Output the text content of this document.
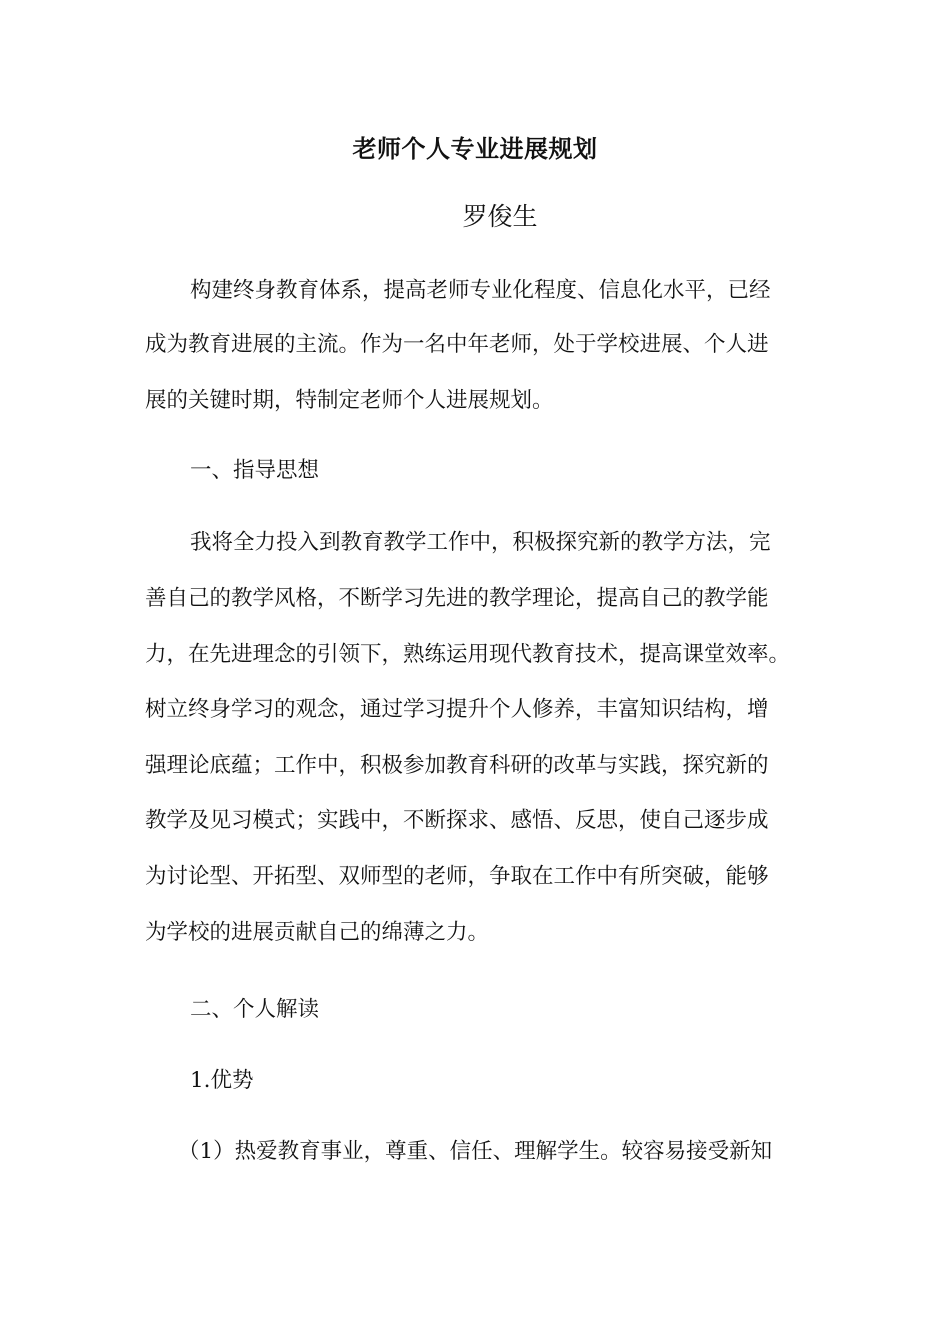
老师个人专业进展规划
罗俊生
构建终身教育体系，提高老师专业化程度、信息化水平，已经
成为教育进展的主流。作为一名中年老师，处于学校进展、个人进
展的关键时期，特制定老师个人进展规划。
一、指导思想
我将全力投入到教育教学工作中，积极探究新的教学方法，完
善自己的教学风格，不断学习先进的教学理论，提高自己的教学能
力，在先进理念的引领下，熟练运用现代教育技术，提高课堂效率。
树立终身学习的观念，通过学习提升个人修养，丰富知识结构，增
强理论底蕴；工作中，积极参加教育科研的改革与实践，探究新的
教学及见习模式；实践中，不断探求、感悟、反思，使自己逐步成
为讨论型、开拓型、双师型的老师，争取在工作中有所突破，能够
为学校的进展贡献自己的绵薄之力。
二、个人解读
1.优势
（1）热爱教育事业，尊重、信任、理解学生。较容易接受新知
